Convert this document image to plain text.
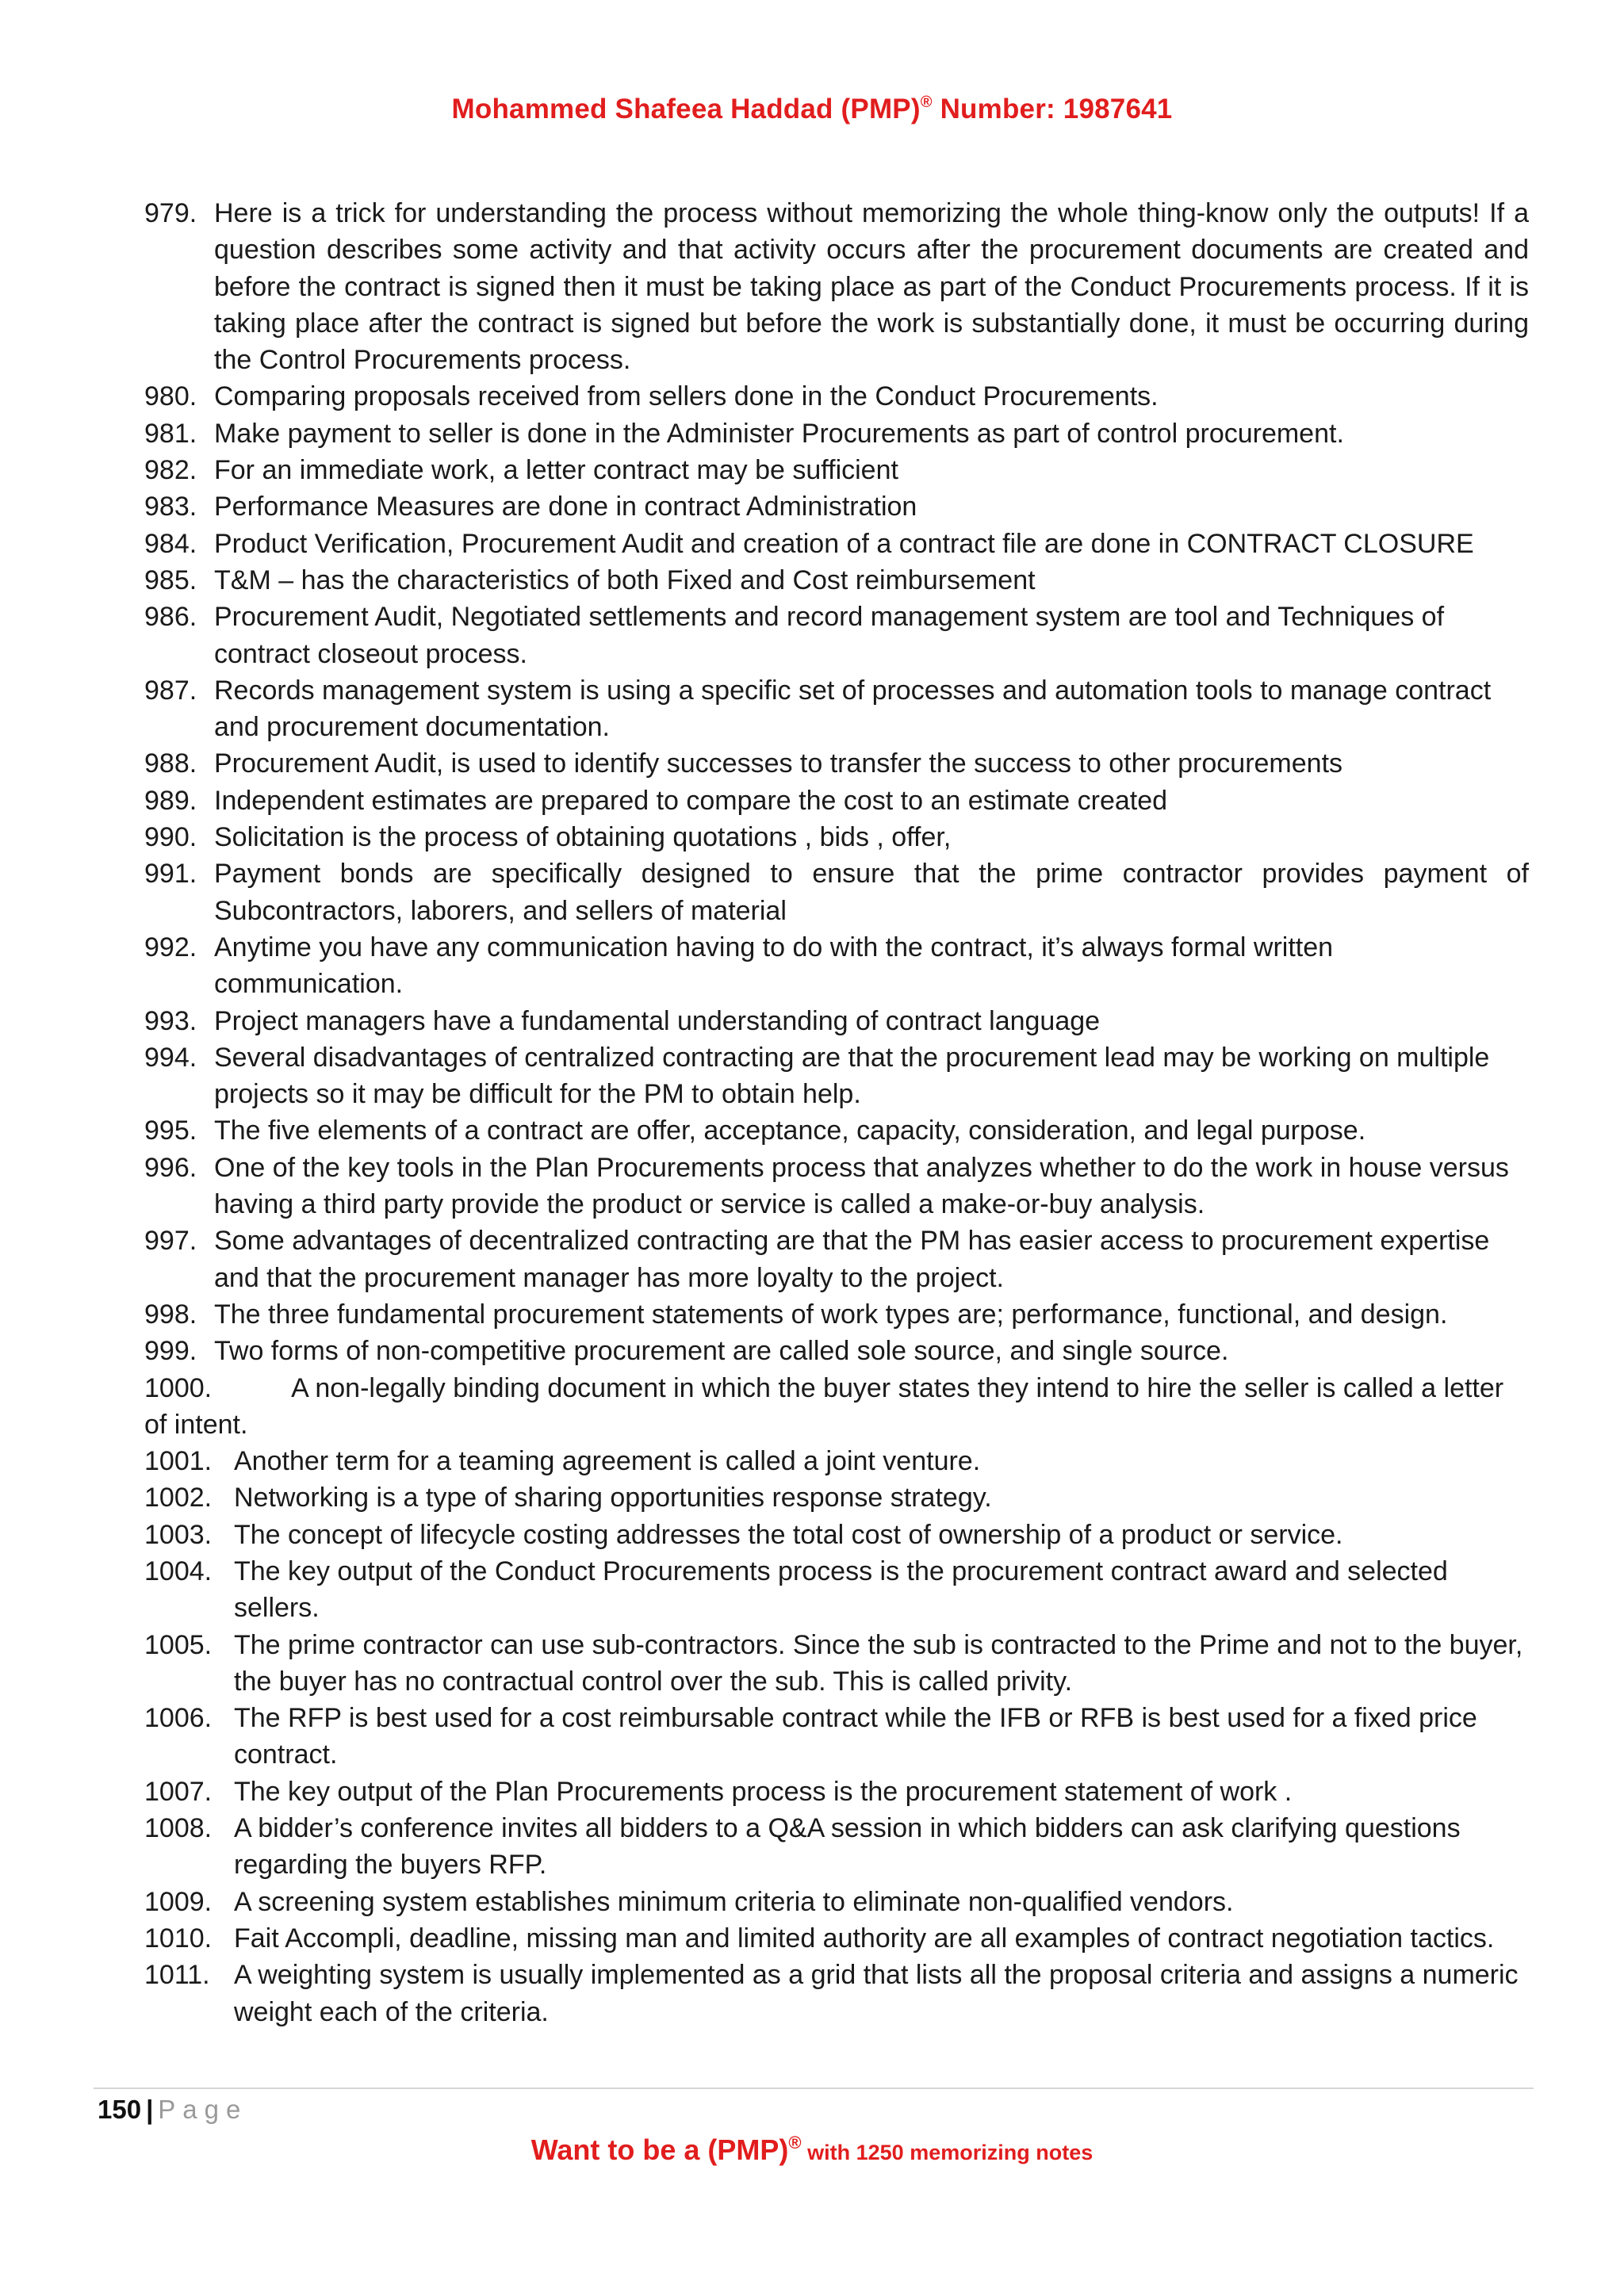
Mohammed Shafeea Haddad (PMP)® Number: 1987641
979. Here is a trick for understanding the process without memorizing the whole thing-know only the outputs! If a question describes some activity and that activity occurs after the procurement documents are created and before the contract is signed then it must be taking place as part of the Conduct Procurements process. If it is taking place after the contract is signed but before the work is substantially done, it must be occurring during the Control Procurements process.
980. Comparing proposals received from sellers done in the Conduct Procurements.
981. Make payment to seller is done in the Administer Procurements as part of control procurement.
982. For an immediate work, a letter contract may be sufficient
983. Performance Measures are done in contract Administration
984. Product Verification, Procurement Audit and creation of a contract file are done in CONTRACT CLOSURE
985. T&M – has the characteristics of both Fixed and Cost reimbursement
986. Procurement Audit, Negotiated settlements and record management system are tool and Techniques of contract closeout process.
987. Records management system is using a specific set of processes and automation tools to manage contract and procurement documentation.
988. Procurement Audit, is used to identify successes to transfer the success to other procurements
989. Independent estimates are prepared to compare the cost to an estimate created
990. Solicitation is the process of obtaining quotations , bids , offer,
991. Payment bonds are specifically designed to ensure that the prime contractor provides payment of Subcontractors, laborers, and sellers of material
992. Anytime you have any communication having to do with the contract, it’s always formal written communication.
993. Project managers have a fundamental understanding of contract language
994. Several disadvantages of centralized contracting are that the procurement lead may be working on multiple projects so it may be difficult for the PM to obtain help.
995. The five elements of a contract are offer, acceptance, capacity, consideration, and legal purpose.
996. One of the key tools in the Plan Procurements process that analyzes whether to do the work in house versus having a third party provide the product or service is called a make-or-buy analysis.
997. Some advantages of decentralized contracting are that the PM has easier access to procurement expertise and that the procurement manager has more loyalty to the project.
998. The three fundamental procurement statements of work types are; performance, functional, and design.
999. Two forms of non-competitive procurement are called sole source, and single source.
1000.	A non-legally binding document in which the buyer states they intend to hire the seller is called a letter of intent.
1001. Another term for a teaming agreement is called a joint venture.
1002. Networking is a type of sharing opportunities response strategy.
1003. The concept of lifecycle costing addresses the total cost of ownership of a product or service.
1004. The key output of the Conduct Procurements process is the procurement contract award and selected sellers.
1005. The prime contractor can use sub-contractors. Since the sub is contracted to the Prime and not to the buyer, the buyer has no contractual control over the sub. This is called privity.
1006. The RFP is best used for a cost reimbursable contract while the IFB or RFB is best used for a fixed price contract.
1007. The key output of the Plan Procurements process is the procurement statement of work .
1008. A bidder’s conference invites all bidders to a Q&A session in which bidders can ask clarifying questions regarding the buyers RFP.
1009. A screening system establishes minimum criteria to eliminate non-qualified vendors.
1010. Fait Accompli, deadline, missing man and limited authority are all examples of contract negotiation tactics.
1011. A weighting system is usually implemented as a grid that lists all the proposal criteria and assigns a numeric weight each of the criteria.
150 | Page
Want to be a (PMP)® with 1250 memorizing notes
